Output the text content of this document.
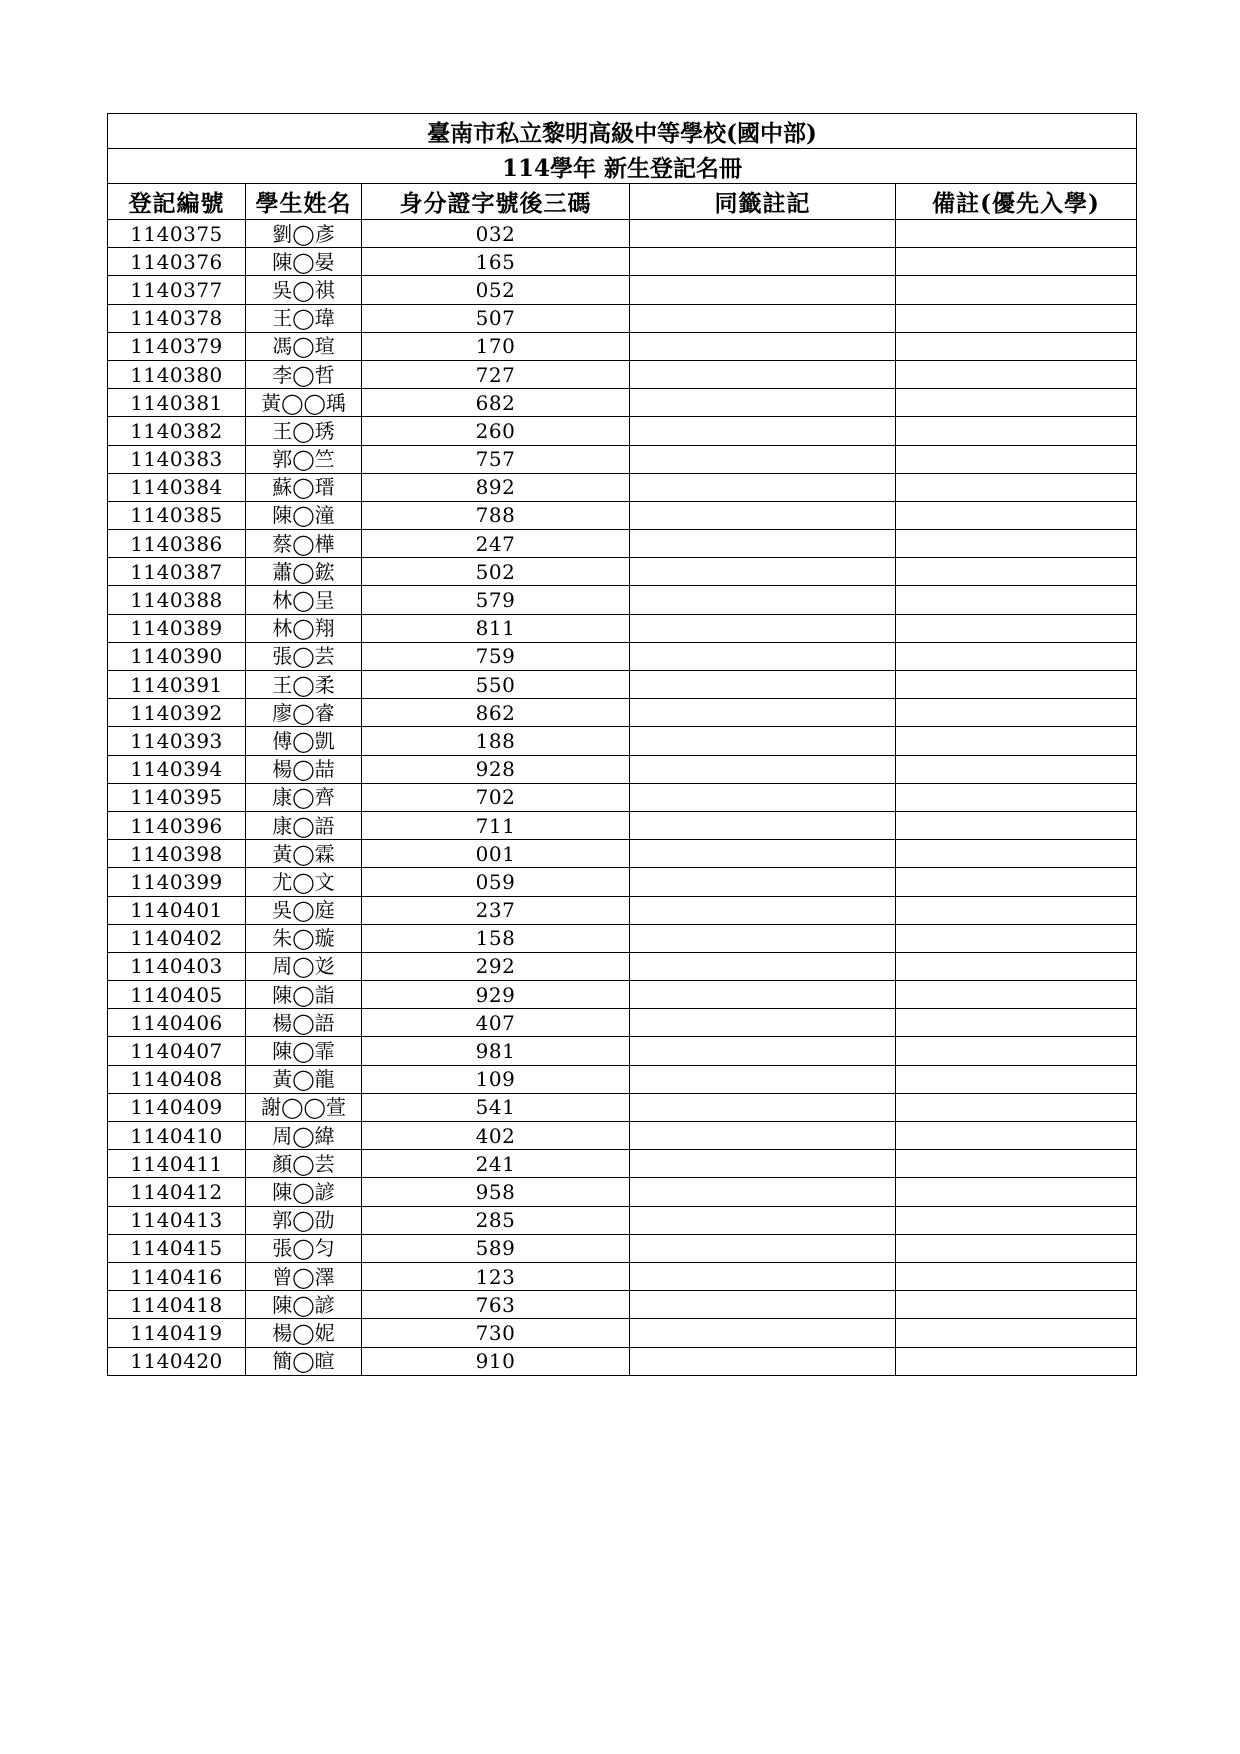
臺南市私立黎明高級中等學校(國中部)				
114學年 新生登記名冊				
登記編號	學生姓名	身分證字號後三碼	同籤註記	備註(優先入學)
1140375	劉◯彥	032		
1140376	陳◯晏	165		
1140377	吳◯祺	052		
1140378	王◯瑋	507		
1140379	馮◯瑄	170		
1140380	李◯哲	727		
1140381	黃◯◯瑀	682		
1140382	王◯琇	260		
1140383	郭◯竺	757		
1140384	蘇◯瑨	892		
1140385	陳◯潼	788		
1140386	蔡◯樺	247		
1140387	蕭◯鋐	502		
1140388	林◯呈	579		
1140389	林◯翔	811		
1140390	張◯芸	759		
1140391	王◯柔	550		
1140392	廖◯睿	862		
1140393	傅◯凱	188		
1140394	楊◯喆	928		
1140395	康◯齊	702		
1140396	康◯語	711		
1140398	黃◯霖	001		
1140399	尤◯文	059		
1140401	吳◯庭	237		
1140402	朱◯璇	158		
1140403	周◯彣	292		
1140405	陳◯詣	929		
1140406	楊◯語	407		
1140407	陳◯霏	981		
1140408	黃◯龍	109		
1140409	謝◯◯萱	541		
1140410	周◯緯	402		
1140411	顏◯芸	241		
1140412	陳◯諺	958		
1140413	郭◯劭	285		
1140415	張◯匀	589		
1140416	曾◯澤	123		
1140418	陳◯諺	763		
1140419	楊◯妮	730		
1140420	簡◯暄	910		
